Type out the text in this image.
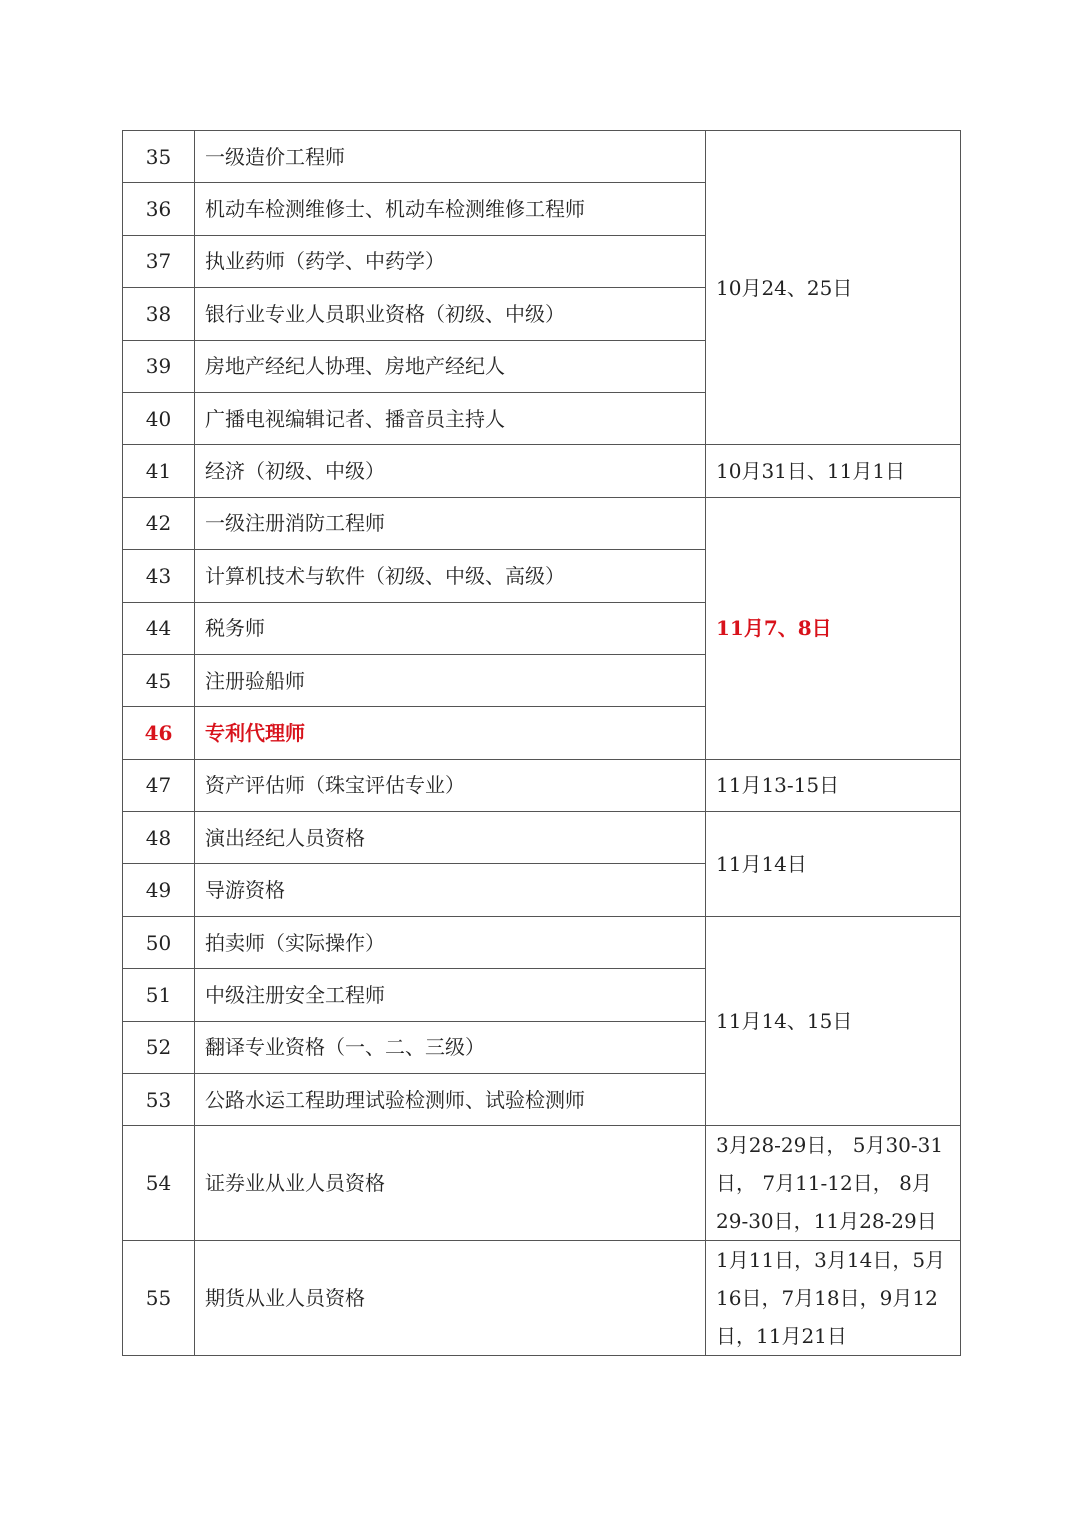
35	一级造价工程师	10月24、25日
36	机动车检测维修士、机动车检测维修工程师	
37	执业药师（药学、中药学）	
38	银行业专业人员职业资格（初级、中级）	
39	房地产经纪人协理、房地产经纪人	
40	广播电视编辑记者、播音员主持人	
41	经济（初级、中级）	10月31日、11月1日
42	一级注册消防工程师	11月7、8日
43	计算机技术与软件（初级、中级、高级）	
44	税务师	
45	注册验船师	
46	专利代理师	
47	资产评估师（珠宝评估专业）	11月13-15日
48	演出经纪人员资格	11月14日
49	导游资格	
50	拍卖师（实际操作）	11月14、15日
51	中级注册安全工程师	
52	翻译专业资格（一、二、三级）	
53	公路水运工程助理试验检测师、试验检测师	
54	证券业从业人员资格	3月28-29日， 5月30-31日， 7月11-12日， 8月29-30日，11月28-29日
55	期货从业人员资格	1月11日，3月14日，5月16日，7月18日，9月12日，11月21日
